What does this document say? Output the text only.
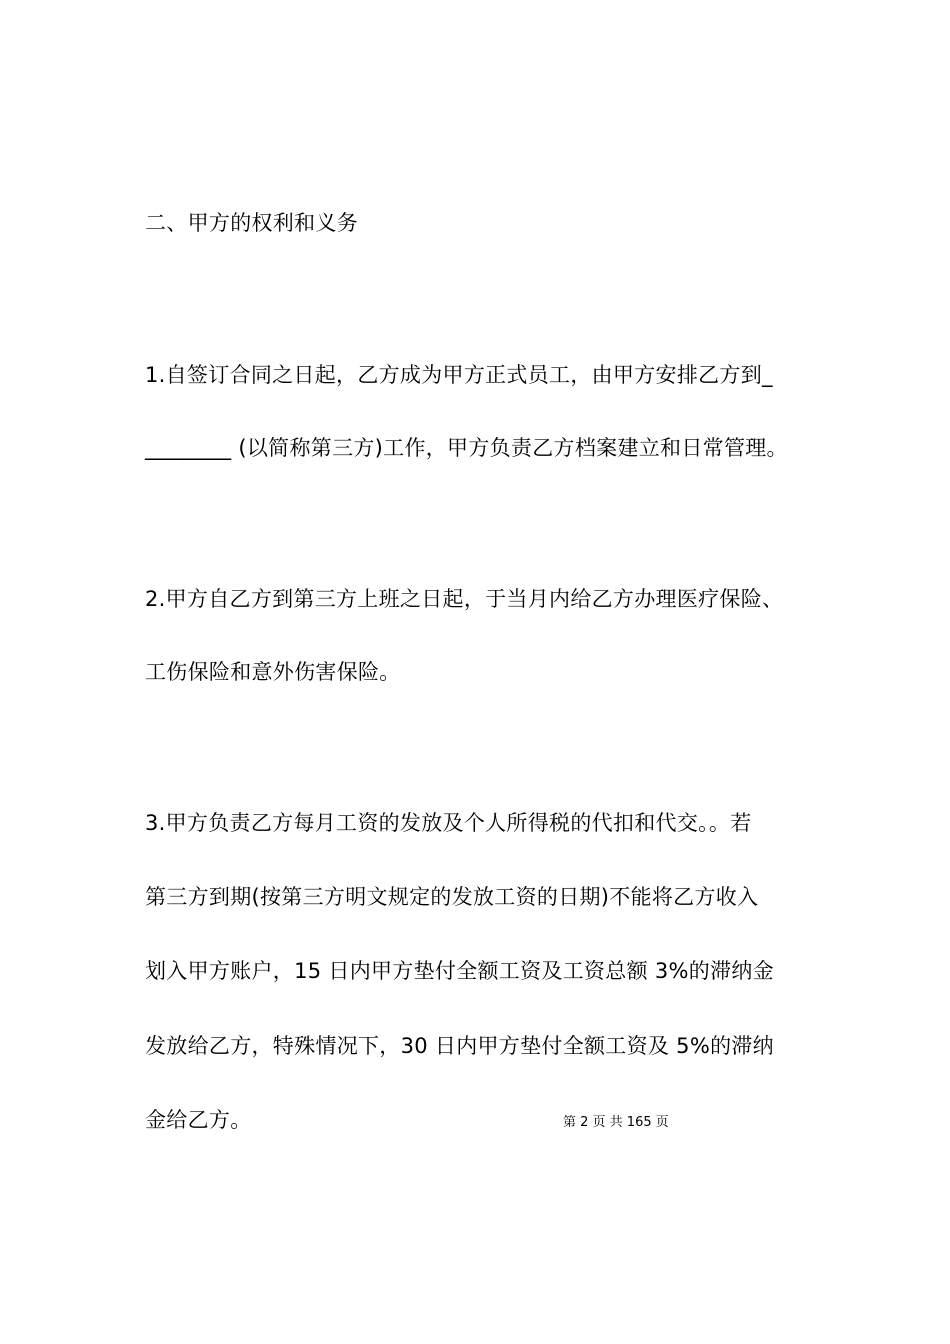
二、甲方的权利和义务
1.自签订合同之日起，乙方成为甲方正式员工，由甲方安排乙方到_
________ (以简称第三方)工作，甲方负责乙方档案建立和日常管理。
2.甲方自乙方到第三方上班之日起，于当月内给乙方办理医疗保险、
工伤保险和意外伤害保险。
3.甲方负责乙方每月工资的发放及个人所得税的代扣和代交。。若
第三方到期(按第三方明文规定的发放工资的日期)不能将乙方收入
划入甲方账户，15 日内甲方垫付全额工资及工资总额 3%的滞纳金
发放给乙方，特殊情况下，30 日内甲方垫付全额工资及 5%的滞纳
金给乙方。	第 2 页 共 165 页
